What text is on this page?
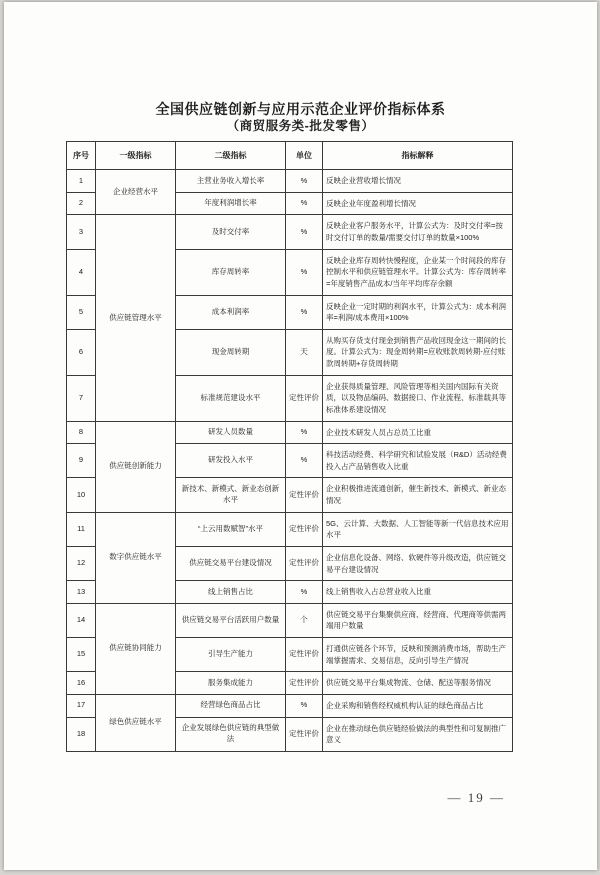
全国供应链创新与应用示范企业评价指标体系
（商贸服务类-批发零售）
序号	一级指标	二级指标	单位	指标解释
1	企业经营水平	主营业务收入增长率	%	反映企业营收增长情况
2		年度利润增长率	%	反映企业年度盈利增长情况
3	供应链管理水平	及时交付率	%	反映企业客户服务水平，计算公式为：及时交付率=按时交付订单的数量/需要交付订单的数量×100%
4		库存周转率	%	反映企业库存周转快慢程度，企业某一个时间段的库存控制水平和供应链管理水平。计算公式为：库存周转率=年度销售产品成本/当年平均库存余额
5		成本利润率	%	反映企业一定时期的利润水平，计算公式为：成本利润率=利润/成本费用×100%
6		现金周转期	天	从购买存货支付现金到销售产品收回现金这一期间的长度。计算公式为：现金周转期=应收账款周转期-应付账款周转期+存货周转期
7		标准规范建设水平	定性评价	企业获得质量管理、风险管理等相关国内国际有关资质，以及物品编码、数据接口、作业流程、标准载具等标准体系建设情况
8	供应链创新能力	研发人员数量	%	企业技术研发人员占总员工比重
9		研发投入水平	%	科技活动经费、科学研究和试验发展（R&D）活动经费投入占产品销售收入比重
10		新技术、新模式、新业态创新水平	定性评价	企业积极推进流通创新，催生新技术、新模式、新业态情况
11	数字供应链水平	“上云用数赋智”水平	定性评价	5G、云计算、大数据、人工智能等新一代信息技术应用水平
12		供应链交易平台建设情况	定性评价	企业信息化设备、网络、软硬件等升级改造，供应链交易平台建设情况
13		线上销售占比	%	线上销售收入占总营业收入比重
14	供应链协同能力	供应链交易平台活跃用户数量	个	供应链交易平台集聚供应商、经营商、代理商等供需两端用户数量
15		引导生产能力	定性评价	打通供应链各个环节，反映和预测消费市场，帮助生产端掌握需求、交易信息，反向引导生产情况
16		服务集成能力	定性评价	供应链交易平台集成物流、仓储、配送等服务情况
17	绿色供应链水平	经营绿色商品占比	%	企业采购和销售经权威机构认证的绿色商品占比
18		企业发展绿色供应链的典型做法	定性评价	企业在推动绿色供应链经验做法的典型性和可复制推广意义
— 19 —
